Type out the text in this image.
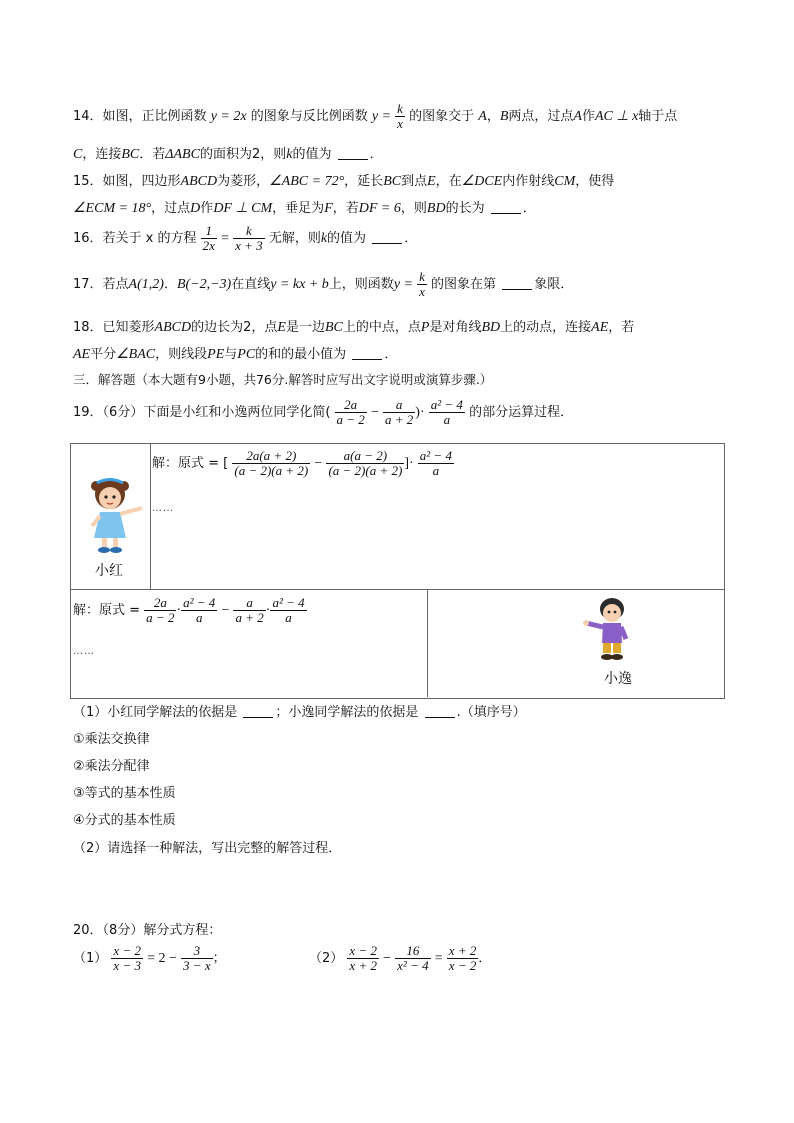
14．如图，正比例函数 y = 2x 的图象与反比例函数 $y = \frac{k}{x}$ 的图象交于 A，B两点，过点A作AC ⊥ x轴于点
C，连接BC．若ΔABC的面积为2，则k的值为	．
15．如图，四边形ABCD为菱形，∠ABC = 72°，延长BC到点E，在∠DCE内作射线CM，使得
∠ECM = 18°，过点D作DF ⊥ CM，垂足为F，若DF = 6，则BD的长为	．
16．若关于 x 的方程 $\frac{1}{2x} = \frac{k}{x + 3}$ 无解，则k的值为	．
17．若点A(1,2)．B(−2,−3)在直线y = kx + b上，则函数$y = \frac{k}{x}$ 的图象在第	象限．
18．已知菱形ABCD的边长为2，点E是一边BC上的中点，点P是对角线BD上的动点，连接AE，若
AE平分∠BAC，则线段PE与PC的和的最小值为	．
三．解答题（本大题有9小题，共76分.解答时应写出文字说明或演算步骤.）
19．（6分）下面是小红和小逸两位同学化简( $\frac{2a}{a - 2} - \frac{a}{a + 2}$ )· $\frac{\text{a² − 4}}{a}$ 的部分运算过程．
小红
解：原式 = [ $\frac{2a(a + 2)}{(a - 2)(a + 2)} - \frac{a(a - 2)}{(a - 2)(a + 2)}$ ]· $\frac{\text{a² − 4}}{a}$
……
解：原式 = $\frac{2a}{a - 2} \cdot \frac{\text{a² − 4}}{a} - \frac{a}{a + 2} \cdot \frac{\text{a² − 4}}{a}$
……
小逸
（1）小红同学解法的依据是	；小逸同学解法的依据是	.（填序号）
①乘法交换律
②乘法分配律
③等式的基本性质
④分式的基本性质
（2）请选择一种解法，写出完整的解答过程．
20．（8分）解分式方程：
$(1) \frac{x - 2}{x - 3} = 2 - \frac{3}{3 - x}$ ；	$(2) \frac{x - 2}{x + 2} - \frac{16}{\text{x² − 4}} = \frac{x + 2}{x - 2}$ ．
